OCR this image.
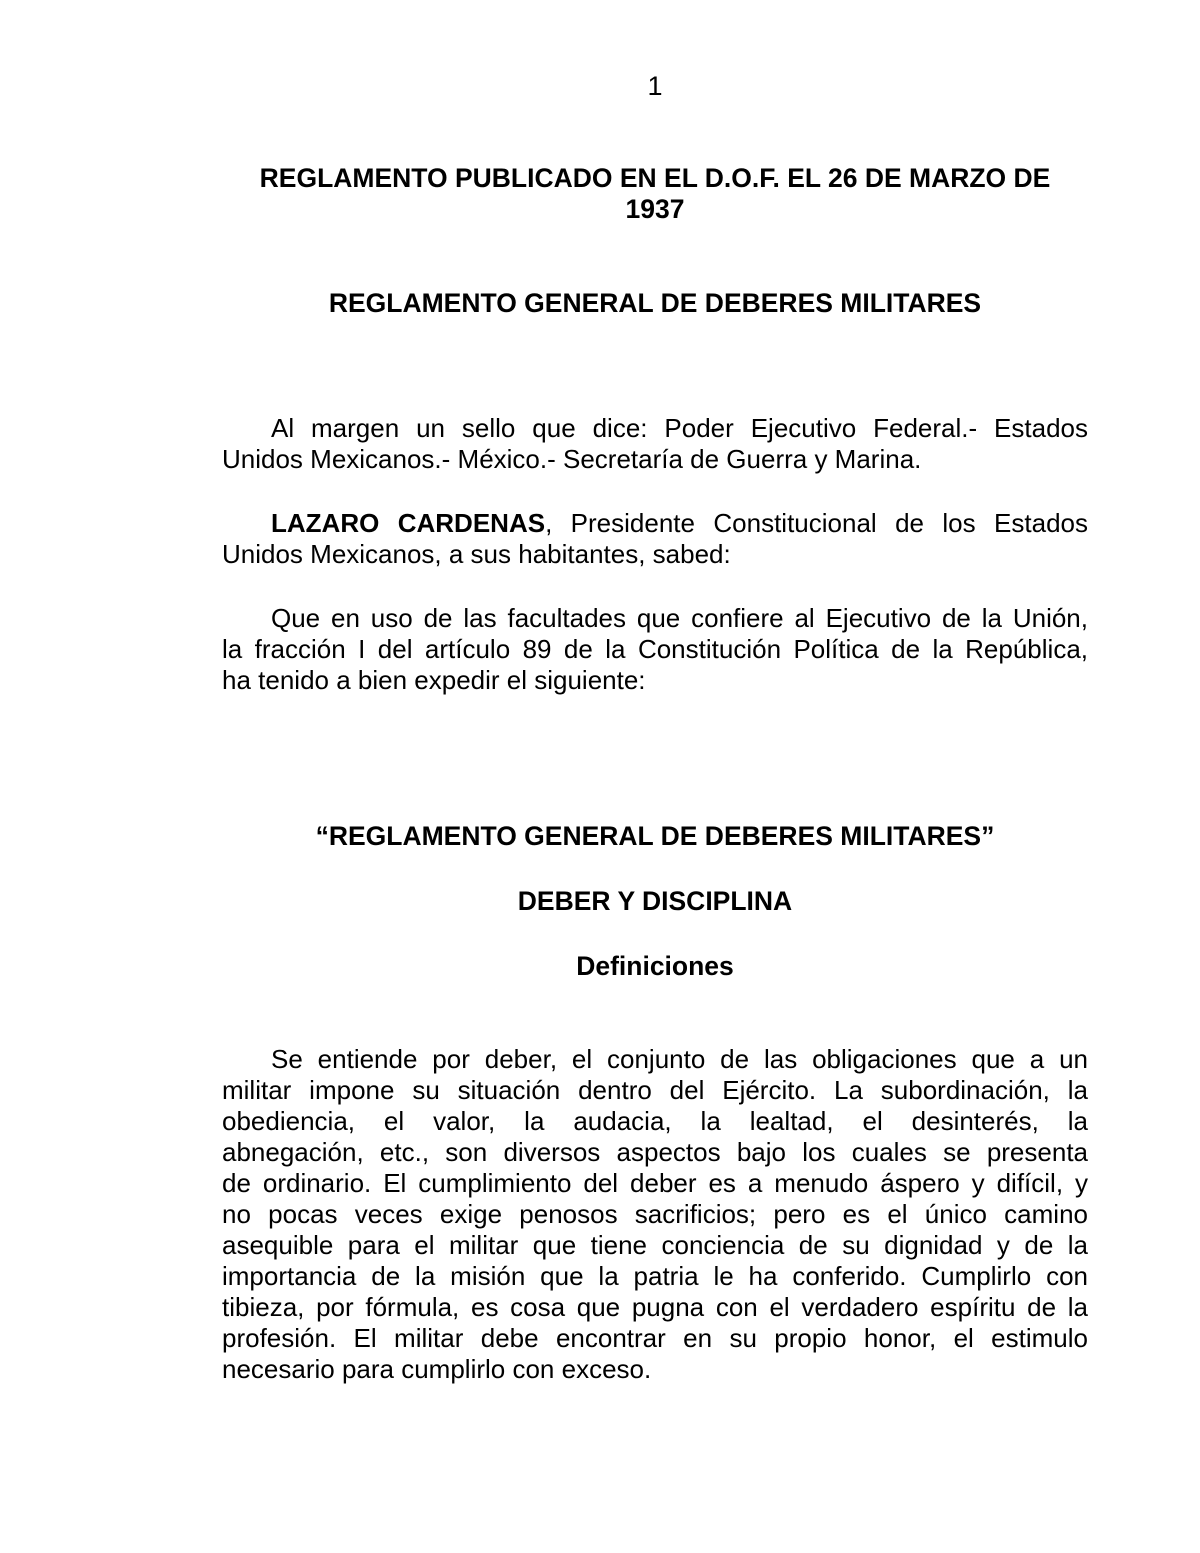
1
REGLAMENTO PUBLICADO EN EL D.O.F. EL 26 DE MARZO DE
1937
REGLAMENTO GENERAL DE DEBERES MILITARES
Al margen un sello que dice: Poder Ejecutivo Federal.- Estados
Unidos Mexicanos.- México.- Secretaría de Guerra y Marina.
LAZARO CARDENAS, Presidente Constitucional de los Estados
Unidos Mexicanos, a sus habitantes, sabed:
Que en uso de las facultades que confiere al Ejecutivo de la Unión,
la fracción I del artículo 89 de la Constitución Política de la República,
ha tenido a bien expedir el siguiente:
“REGLAMENTO GENERAL DE DEBERES MILITARES”
DEBER Y DISCIPLINA
Definiciones
Se entiende por deber, el conjunto de las obligaciones que a un
militar impone su situación dentro del Ejército. La subordinación, la
obediencia, el valor, la audacia, la lealtad, el desinterés, la
abnegación, etc., son diversos aspectos bajo los cuales se presenta
de ordinario. El cumplimiento del deber es a menudo áspero y difícil, y
no pocas veces exige penosos sacrificios; pero es el único camino
asequible para el militar que tiene conciencia de su dignidad y de la
importancia de la misión que la patria le ha conferido. Cumplirlo con
tibieza, por fórmula, es cosa que pugna con el verdadero espíritu de la
profesión. El militar debe encontrar en su propio honor, el estimulo
necesario para cumplirlo con exceso.
